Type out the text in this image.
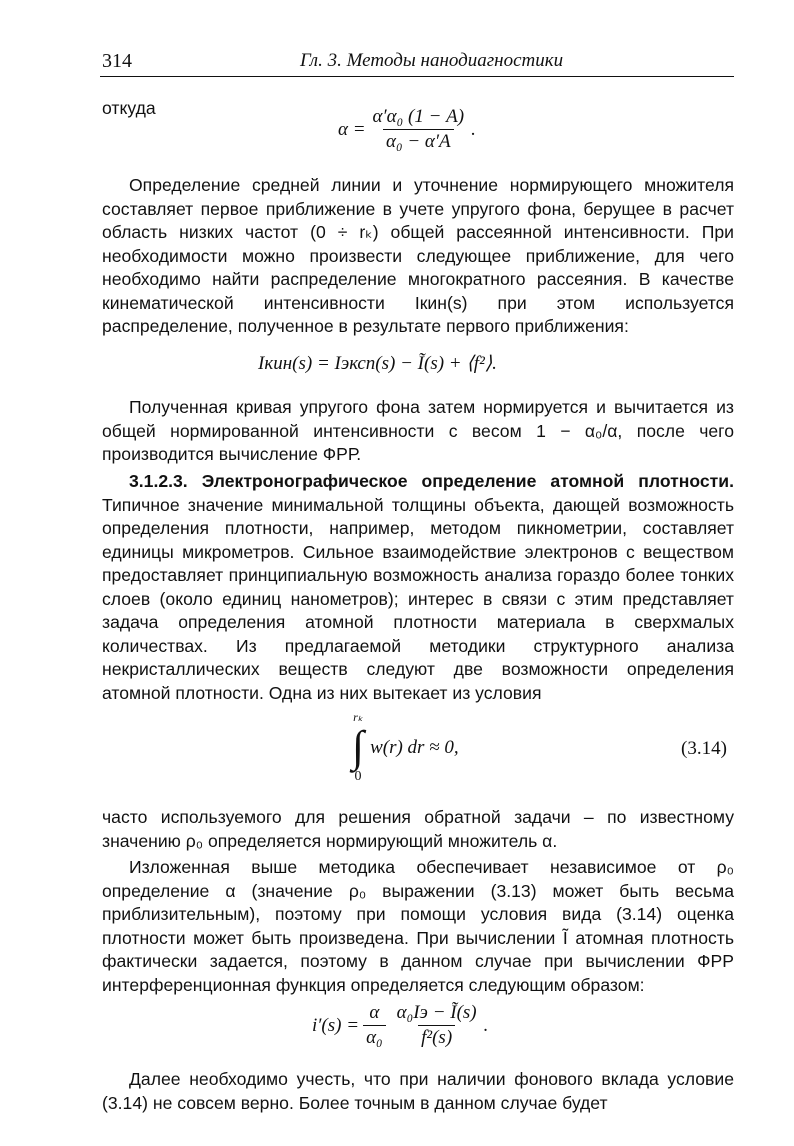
314	Гл. 3. Методы нанодиагностики
откуда
$\alpha = \frac{\text{α′α₀ (1 − A)}}{\text{α₀ − α′A}}$ .
Определение средней линии и уточнение нормирующего множителя составляет первое приближение в учете упругого фона, берущее в расчет область низких частот (0 ÷ rₖ) общей рассеянной интенсивности. При необходимости можно произвести следующее приближение, для чего необходимо найти распределение многократного рассеяния. В качестве кинематической интенсивности Iкин(s) при этом используется распределение, полученное в результате первого приближения:
Iкин(s) = Iэксп(s) − Ĩ(s) + ⟨f²⟩.
Полученная кривая упругого фона затем нормируется и вычитается из общей нормированной интенсивности с весом 1 − α₀/α, после чего производится вычисление ФРР.
3.1.2.3. Электронографическое определение атомной плотности. Типичное значение минимальной толщины объекта, дающей возможность определения плотности, например, методом пикнометрии, составляет единицы микрометров. Сильное взаимодействие электронов с веществом предоставляет принципиальную возможность анализа гораздо более тонких слоев (около единиц нанометров); интерес в связи с этим представляет задача определения атомной плотности материала в сверхмалых количествах. Из предлагаемой методики структурного анализа некристаллических веществ следуют две возможности определения атомной плотности. Одна из них вытекает из условия
rₖ
∫
0
w(r) dr ≈ 0,	(3.14)
часто используемого для решения обратной задачи – по известному значению ρ₀ определяется нормирующий множитель α.
Изложенная выше методика обеспечивает независимое от ρ₀ определение α (значение ρ₀ выражении (3.13) может быть весьма приблизительным), поэтому при помощи условия вида (3.14) оценка плотности может быть произведена. При вычислении Ĩ атомная плотность фактически задается, поэтому в данном случае при вычислении ФРР интерференционная функция определяется следующим образом:
$i'(s) = \frac{\alpha}{\text{α₀}} \frac{\text{α₀Iэ − Ĩ(s)}}{\text{f²(s)}}$ .
Далее необходимо учесть, что при наличии фонового вклада условие (3.14) не совсем верно. Более точным в данном случае будет
